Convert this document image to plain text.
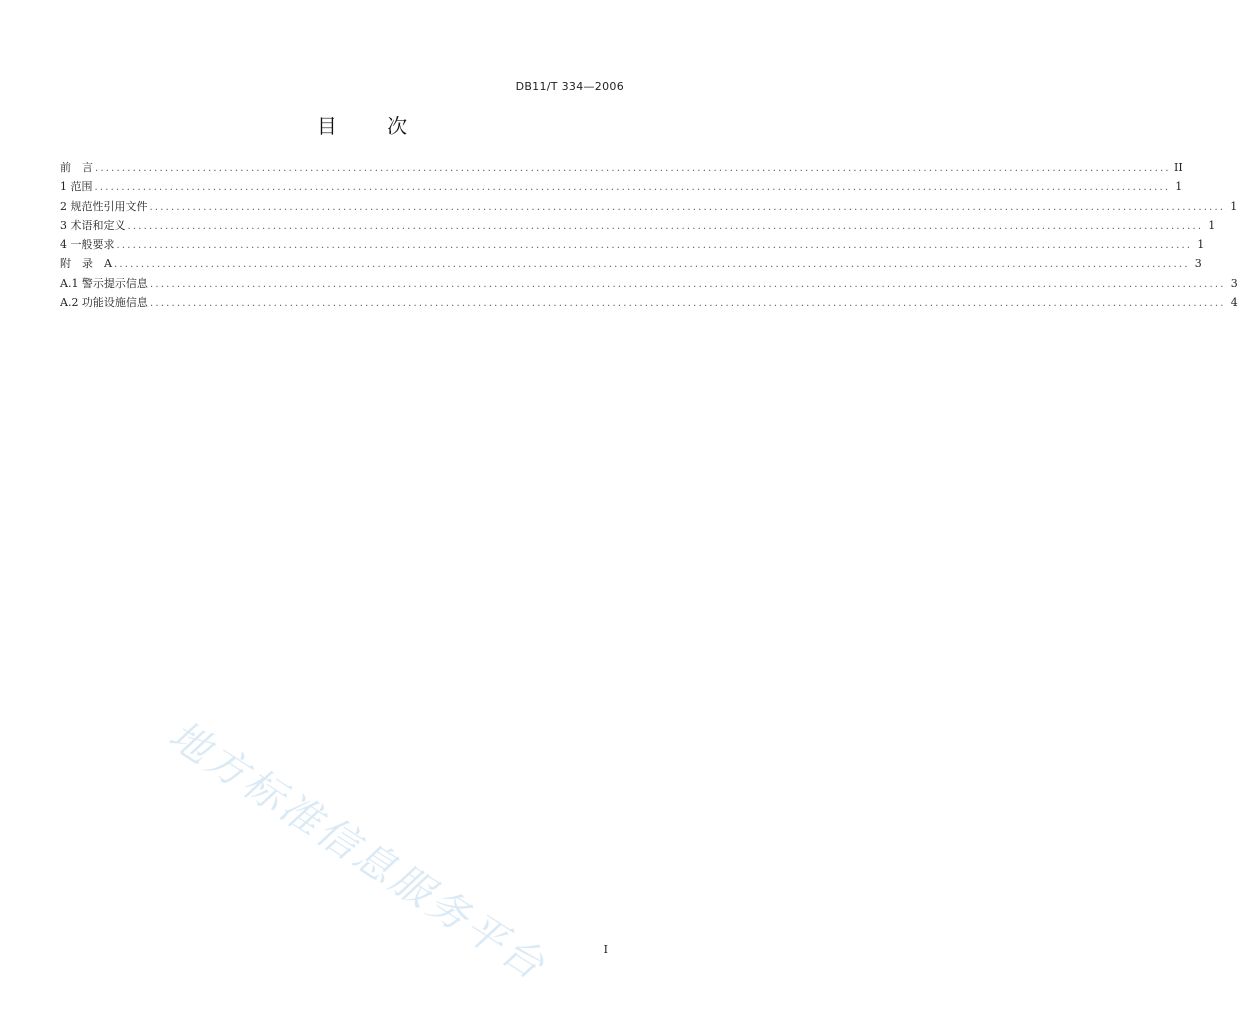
DB11/T 334—2006
目 次
前　言 ........................................................................................................................................................................................................ II
1 范围 ........................................................................................................................................................................................................ 1
2 规范性引用文件 ........................................................................................................................................................................................................ 1
3 术语和定义 ........................................................................................................................................................................................................ 1
4 一般要求 ........................................................................................................................................................................................................ 1
附　录　A ........................................................................................................................................................................................................ 3
A.1 警示提示信息 ........................................................................................................................................................................................................ 3
A.2 功能设施信息 ........................................................................................................................................................................................................ 4
地方标准信息服务平台	I
